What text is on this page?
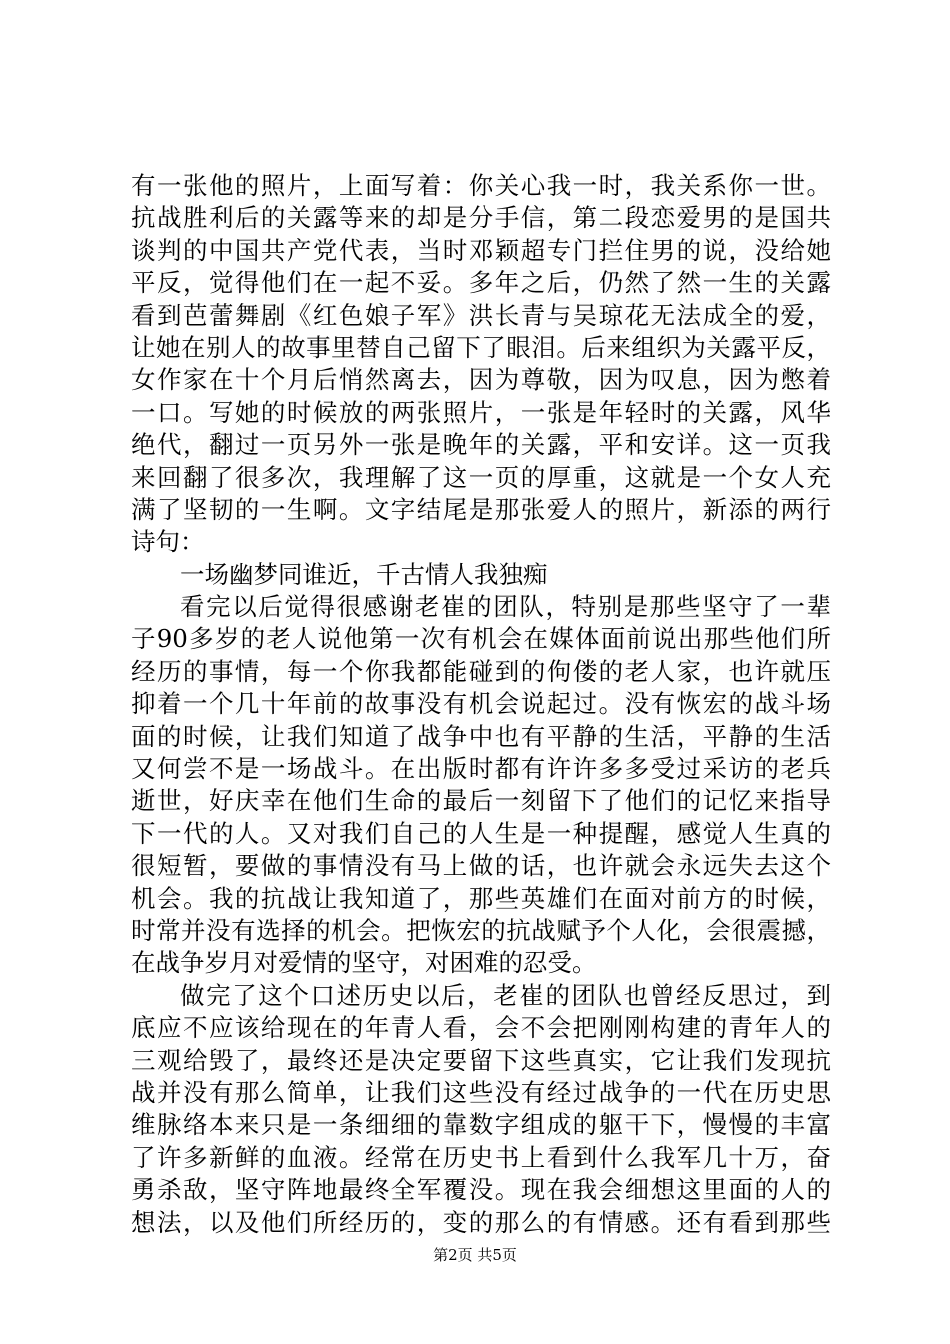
有一张他的照片，上面写着：你关心我一时，我关系你一世。
抗战胜利后的关露等来的却是分手信，第二段恋爱男的是国共
谈判的中国共产党代表，当时邓颖超专门拦住男的说，没给她
平反，觉得他们在一起不妥。多年之后，仍然了然一生的关露
看到芭蕾舞剧《红色娘子军》洪长青与吴琼花无法成全的爱，
让她在别人的故事里替自己留下了眼泪。后来组织为关露平反，
女作家在十个月后悄然离去，因为尊敬，因为叹息，因为憋着
一口。写她的时候放的两张照片，一张是年轻时的关露，风华
绝代，翻过一页另外一张是晚年的关露，平和安详。这一页我
来回翻了很多次，我理解了这一页的厚重，这就是一个女人充
满了坚韧的一生啊。文字结尾是那张爱人的照片，新添的两行
诗句：
一场幽梦同谁近，千古情人我独痴
看完以后觉得很感谢老崔的团队，特别是那些坚守了一辈
子90多岁的老人说他第一次有机会在媒体面前说出那些他们所
经历的事情，每一个你我都能碰到的佝偻的老人家，也许就压
抑着一个几十年前的故事没有机会说起过。没有恢宏的战斗场
面的时候，让我们知道了战争中也有平静的生活，平静的生活
又何尝不是一场战斗。在出版时都有许许多多受过采访的老兵
逝世，好庆幸在他们生命的最后一刻留下了他们的记忆来指导
下一代的人。又对我们自己的人生是一种提醒，感觉人生真的
很短暂，要做的事情没有马上做的话，也许就会永远失去这个
机会。我的抗战让我知道了，那些英雄们在面对前方的时候，
时常并没有选择的机会。把恢宏的抗战赋予个人化，会很震撼，
在战争岁月对爱情的坚守，对困难的忍受。
做完了这个口述历史以后，老崔的团队也曾经反思过，到
底应不应该给现在的年青人看，会不会把刚刚构建的青年人的
三观给毁了，最终还是决定要留下这些真实，它让我们发现抗
战并没有那么简单，让我们这些没有经过战争的一代在历史思
维脉络本来只是一条细细的靠数字组成的躯干下，慢慢的丰富
了许多新鲜的血液。经常在历史书上看到什么我军几十万，奋
勇杀敌，坚守阵地最终全军覆没。现在我会细想这里面的人的
想法，以及他们所经历的，变的那么的有情感。还有看到那些
第2页 共5页
